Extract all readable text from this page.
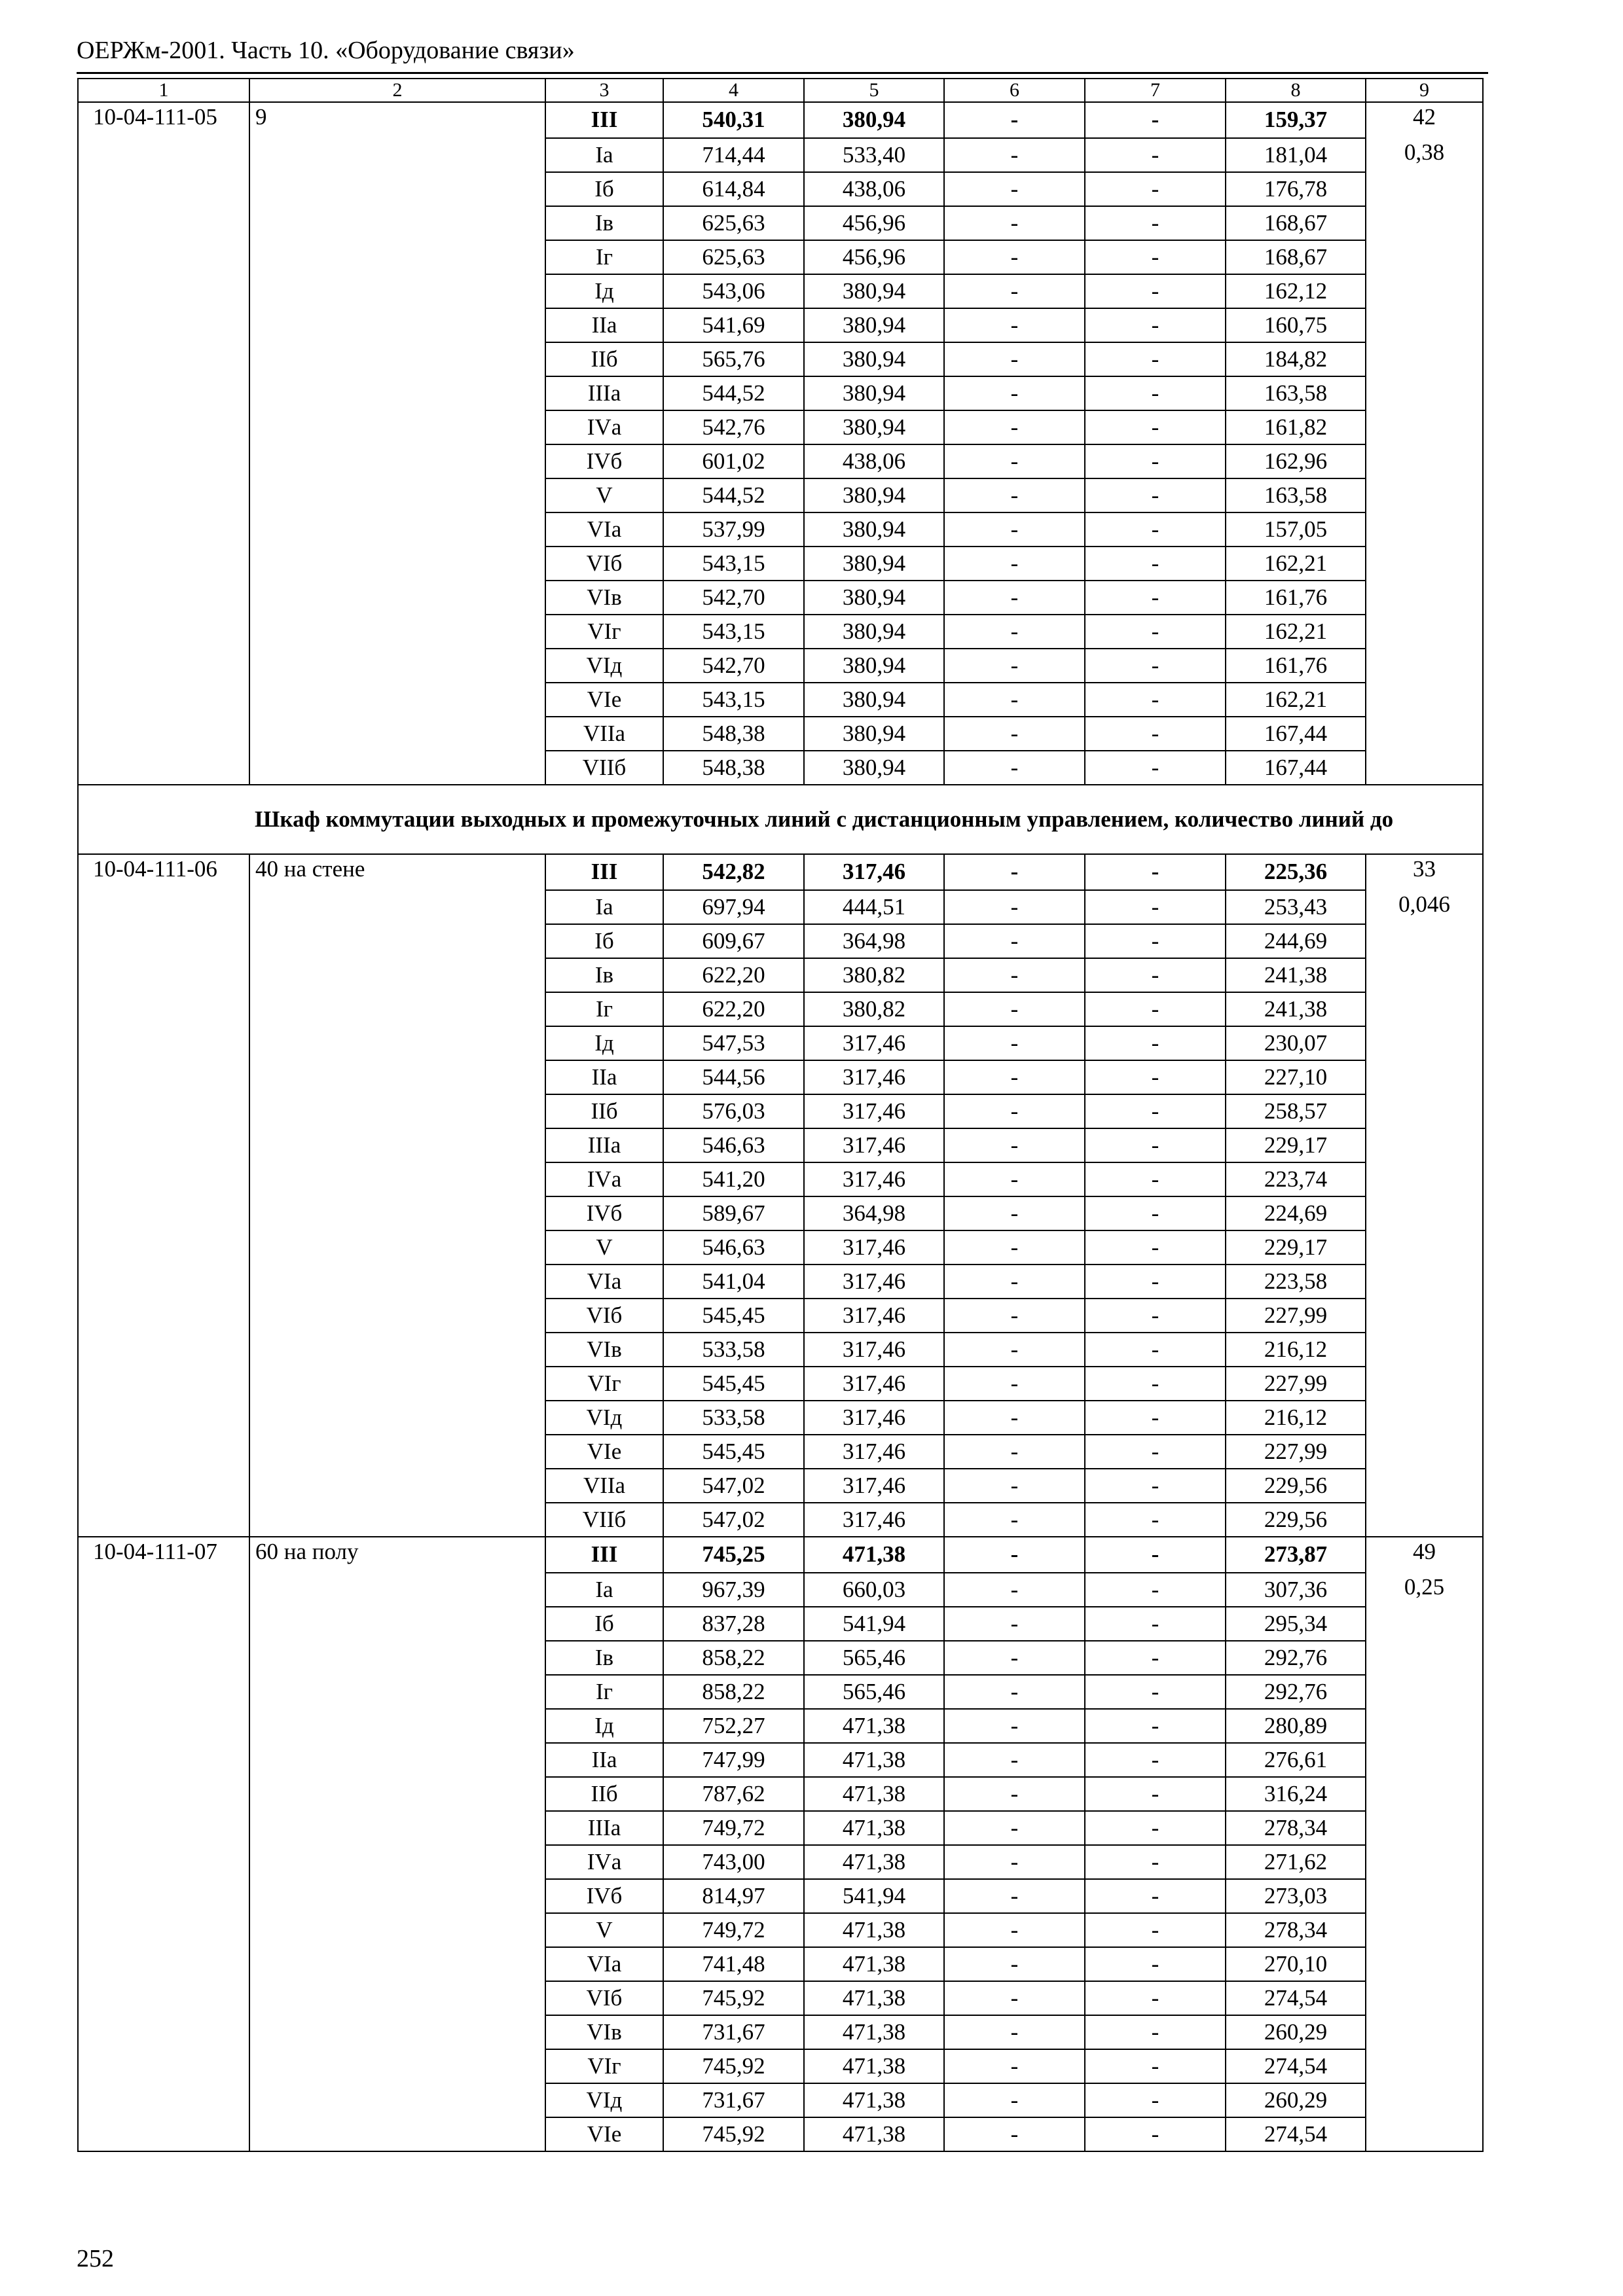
ОЕРЖм-2001. Часть 10. «Оборудование связи»
1	2	3	4	5	6	7	8	9
10-04-111-05	9	III	540,31	380,94	-	-	159,37	42
		Iа	714,44	533,40	-	-	181,04	0,38
		Iб	614,84	438,06	-	-	176,78	
		Iв	625,63	456,96	-	-	168,67	
		Iг	625,63	456,96	-	-	168,67	
		Iд	543,06	380,94	-	-	162,12	
		IIа	541,69	380,94	-	-	160,75	
		IIб	565,76	380,94	-	-	184,82	
		IIIа	544,52	380,94	-	-	163,58	
		IVа	542,76	380,94	-	-	161,82	
		IVб	601,02	438,06	-	-	162,96	
		V	544,52	380,94	-	-	163,58	
		VIа	537,99	380,94	-	-	157,05	
		VIб	543,15	380,94	-	-	162,21	
		VIв	542,70	380,94	-	-	161,76	
		VIг	543,15	380,94	-	-	162,21	
		VIд	542,70	380,94	-	-	161,76	
		VIе	543,15	380,94	-	-	162,21	
		VIIа	548,38	380,94	-	-	167,44	
		VIIб	548,38	380,94	-	-	167,44	
	Шкаф коммутации выходных и промежуточных линий с дистанционным управлением, количество линий до							
10-04-111-06	40 на стене	III	542,82	317,46	-	-	225,36	33
		Iа	697,94	444,51	-	-	253,43	0,046
		Iб	609,67	364,98	-	-	244,69	
		Iв	622,20	380,82	-	-	241,38	
		Iг	622,20	380,82	-	-	241,38	
		Iд	547,53	317,46	-	-	230,07	
		IIа	544,56	317,46	-	-	227,10	
		IIб	576,03	317,46	-	-	258,57	
		IIIа	546,63	317,46	-	-	229,17	
		IVа	541,20	317,46	-	-	223,74	
		IVб	589,67	364,98	-	-	224,69	
		V	546,63	317,46	-	-	229,17	
		VIа	541,04	317,46	-	-	223,58	
		VIб	545,45	317,46	-	-	227,99	
		VIв	533,58	317,46	-	-	216,12	
		VIг	545,45	317,46	-	-	227,99	
		VIд	533,58	317,46	-	-	216,12	
		VIе	545,45	317,46	-	-	227,99	
		VIIа	547,02	317,46	-	-	229,56	
		VIIб	547,02	317,46	-	-	229,56	
10-04-111-07	60 на полу	III	745,25	471,38	-	-	273,87	49
		Iа	967,39	660,03	-	-	307,36	0,25
		Iб	837,28	541,94	-	-	295,34	
		Iв	858,22	565,46	-	-	292,76	
		Iг	858,22	565,46	-	-	292,76	
		Iд	752,27	471,38	-	-	280,89	
		IIа	747,99	471,38	-	-	276,61	
		IIб	787,62	471,38	-	-	316,24	
		IIIа	749,72	471,38	-	-	278,34	
		IVа	743,00	471,38	-	-	271,62	
		IVб	814,97	541,94	-	-	273,03	
		V	749,72	471,38	-	-	278,34	
		VIа	741,48	471,38	-	-	270,10	
		VIб	745,92	471,38	-	-	274,54	
		VIв	731,67	471,38	-	-	260,29	
		VIг	745,92	471,38	-	-	274,54	
		VIд	731,67	471,38	-	-	260,29	
		VIе	745,92	471,38	-	-	274,54	
252
